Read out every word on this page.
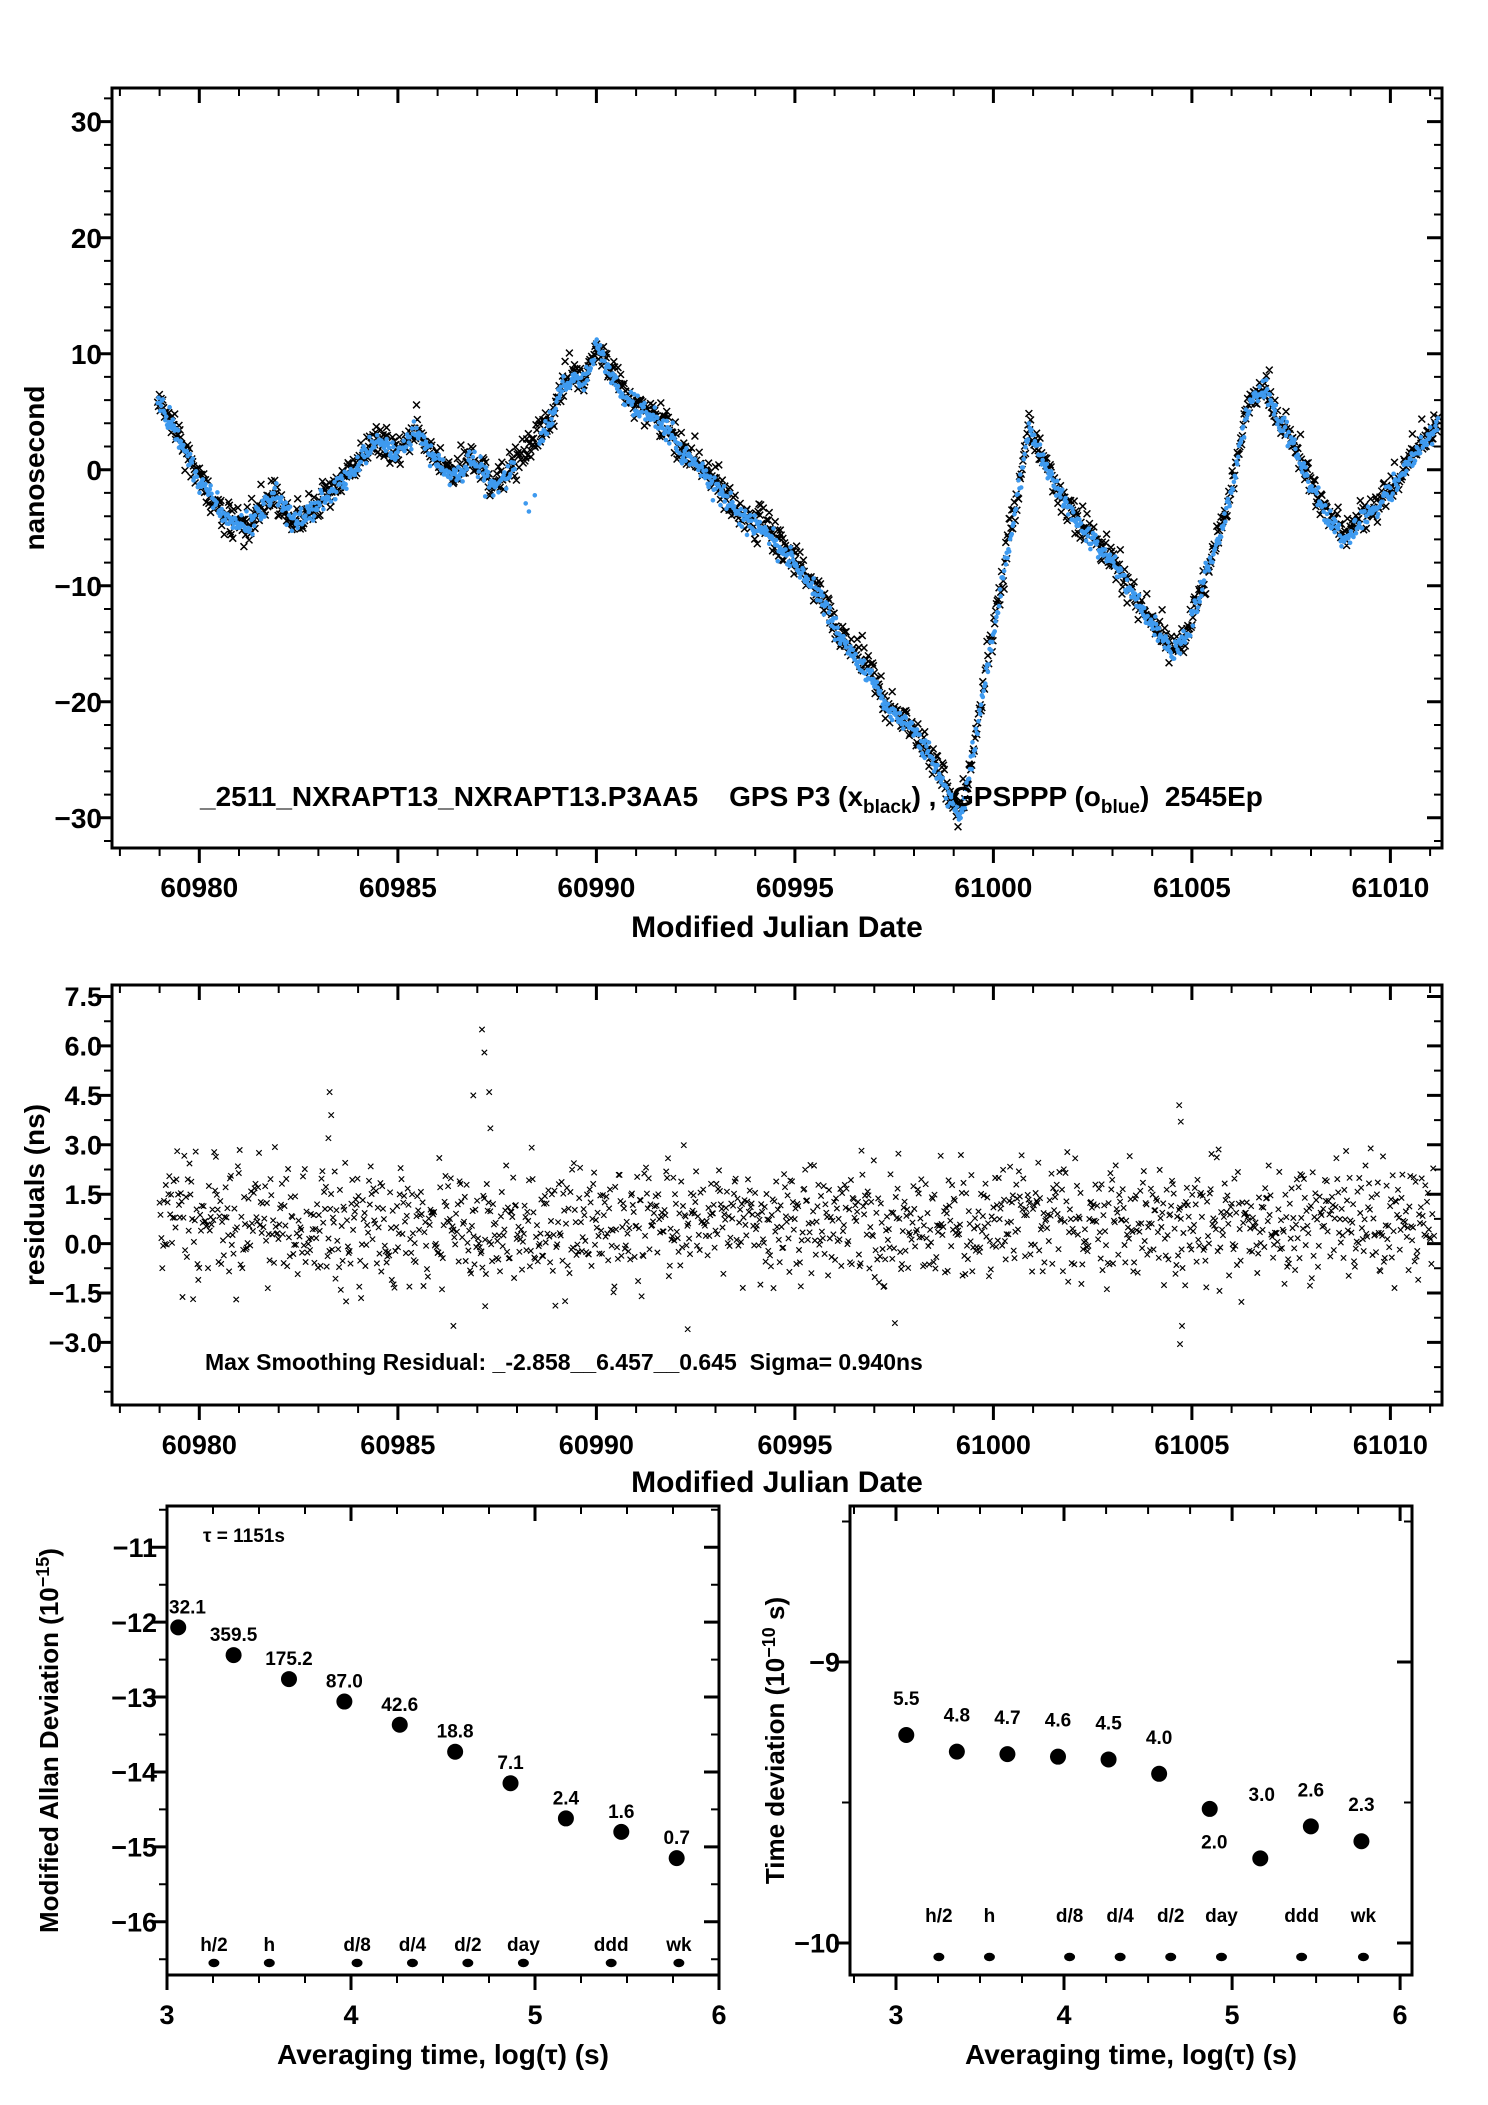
60980	60985	60990	60995	61000	61005	61010
30
20
10
0
−10
−20
−30
Modified Julian Date
nanosecond
_2511_NXRAPT13_NXRAPT13.P3AA5    GPS P3 $(x_{black})$ ,  GPSPPP $(o_{blue})$  2545Ep
60980	60985	60990	60995	61000	61005	61010
7.5
6.0
4.5
3.0
1.5
0.0
−1.5
−3.0
Modified Julian Date
residuals (ns)
Max Smoothing Residual: _-2.858__6.457__0.645  Sigma= 0.940ns
3	4	5	6
−11
−12
−13
−14
−15
−16
Averaging time, log(τ) (s)
Modified Allan Deviation $(10^{-15})$
τ = 1151s
32.1
359.5
175.2
87.0
42.6
18.8
7.1
2.4
1.6
0.7
h/2 h	d/8 d/4 d/2 day	ddd wk
3	4	5	6
−9
−10
Averaging time, log(τ) (s)
Time deviation ($10^{-10}$ s)
5.5
4.8 4.7 4.6 4.5
4.0
3.0
2.0
2.6
2.3
h/2 h	d/8 d/4 d/2 day ddd wk
